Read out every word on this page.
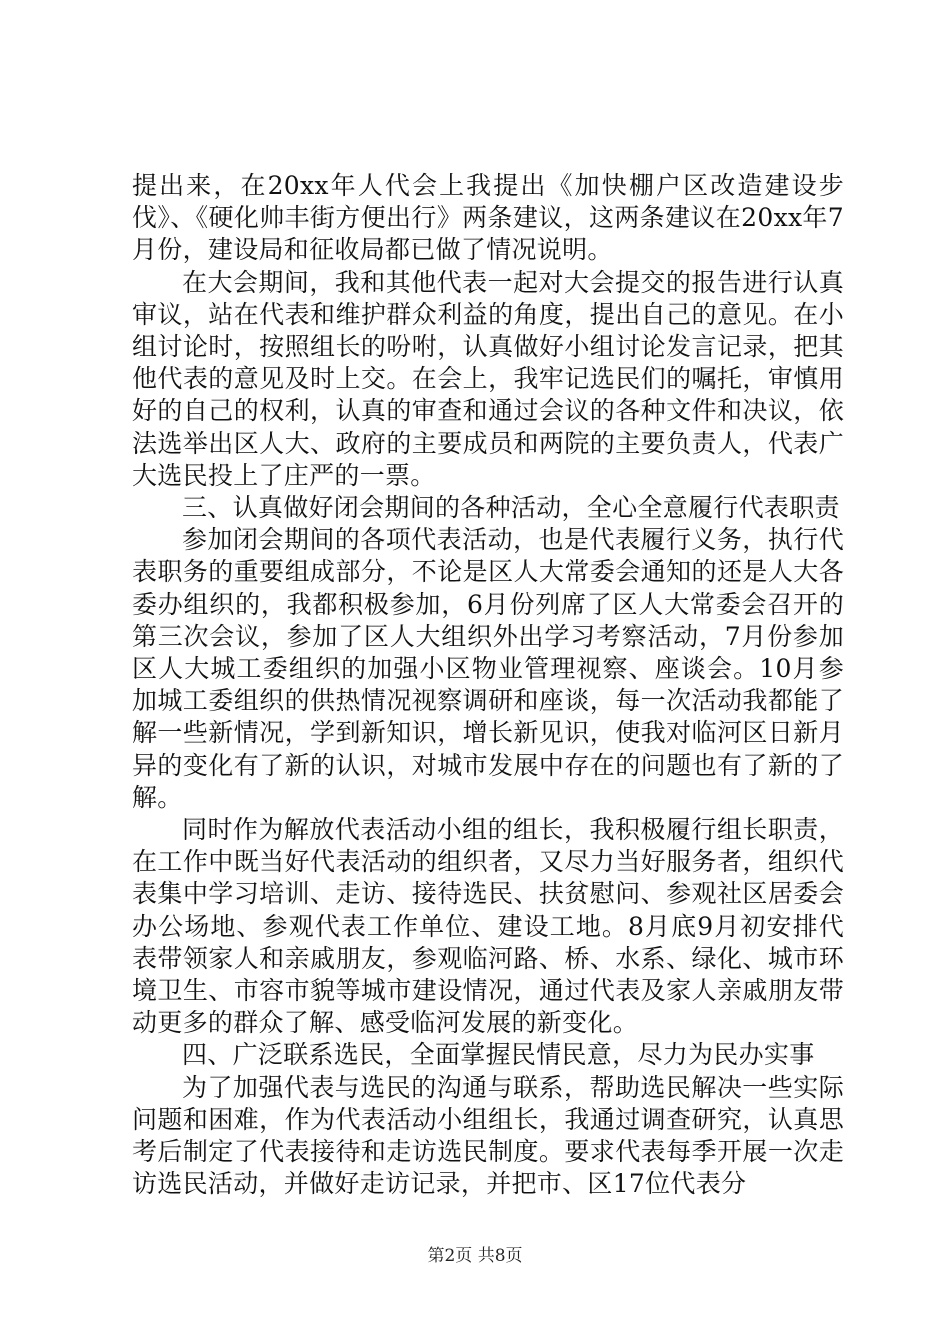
提出来，在20xx年人代会上我提出《加快棚户区改造建设步伐》、《硬化帅丰街方便出行》两条建议，这两条建议在20xx年7月份，建设局和征收局都已做了情况说明。

在大会期间，我和其他代表一起对大会提交的报告进行认真审议，站在代表和维护群众利益的角度，提出自己的意见。在小组讨论时，按照组长的吩咐，认真做好小组讨论发言记录，把其他代表的意见及时上交。在会上，我牢记选民们的嘱托，审慎用好的自己的权利，认真的审查和通过会议的各种文件和决议，依法选举出区人大、政府的主要成员和两院的主要负责人，代表广大选民投上了庄严的一票。

三、认真做好闭会期间的各种活动，全心全意履行代表职责

参加闭会期间的各项代表活动，也是代表履行义务，执行代表职务的重要组成部分，不论是区人大常委会通知的还是人大各委办组织的，我都积极参加，6月份列席了区人大常委会召开的第三次会议，参加了区人大组织外出学习考察活动，7月份参加区人大城工委组织的加强小区物业管理视察、座谈会。10月参加城工委组织的供热情况视察调研和座谈，每一次活动我都能了解一些新情况，学到新知识，增长新见识，使我对临河区日新月异的变化有了新的认识，对城市发展中存在的问题也有了新的了解。

同时作为解放代表活动小组的组长，我积极履行组长职责，在工作中既当好代表活动的组织者，又尽力当好服务者，组织代表集中学习培训、走访、接待选民、扶贫慰问、参观社区居委会办公场地、参观代表工作单位、建设工地。8月底9月初安排代表带领家人和亲戚朋友，参观临河路、桥、水系、绿化、城市环境卫生、市容市貌等城市建设情况，通过代表及家人亲戚朋友带动更多的群众了解、感受临河发展的新变化。

四、广泛联系选民，全面掌握民情民意，尽力为民办实事

为了加强代表与选民的沟通与联系，帮助选民解决一些实际问题和困难，作为代表活动小组组长，我通过调查研究，认真思考后制定了代表接待和走访选民制度。要求代表每季开展一次走访选民活动，并做好走访记录，并把市、区17位代表分

第2页 共8页
